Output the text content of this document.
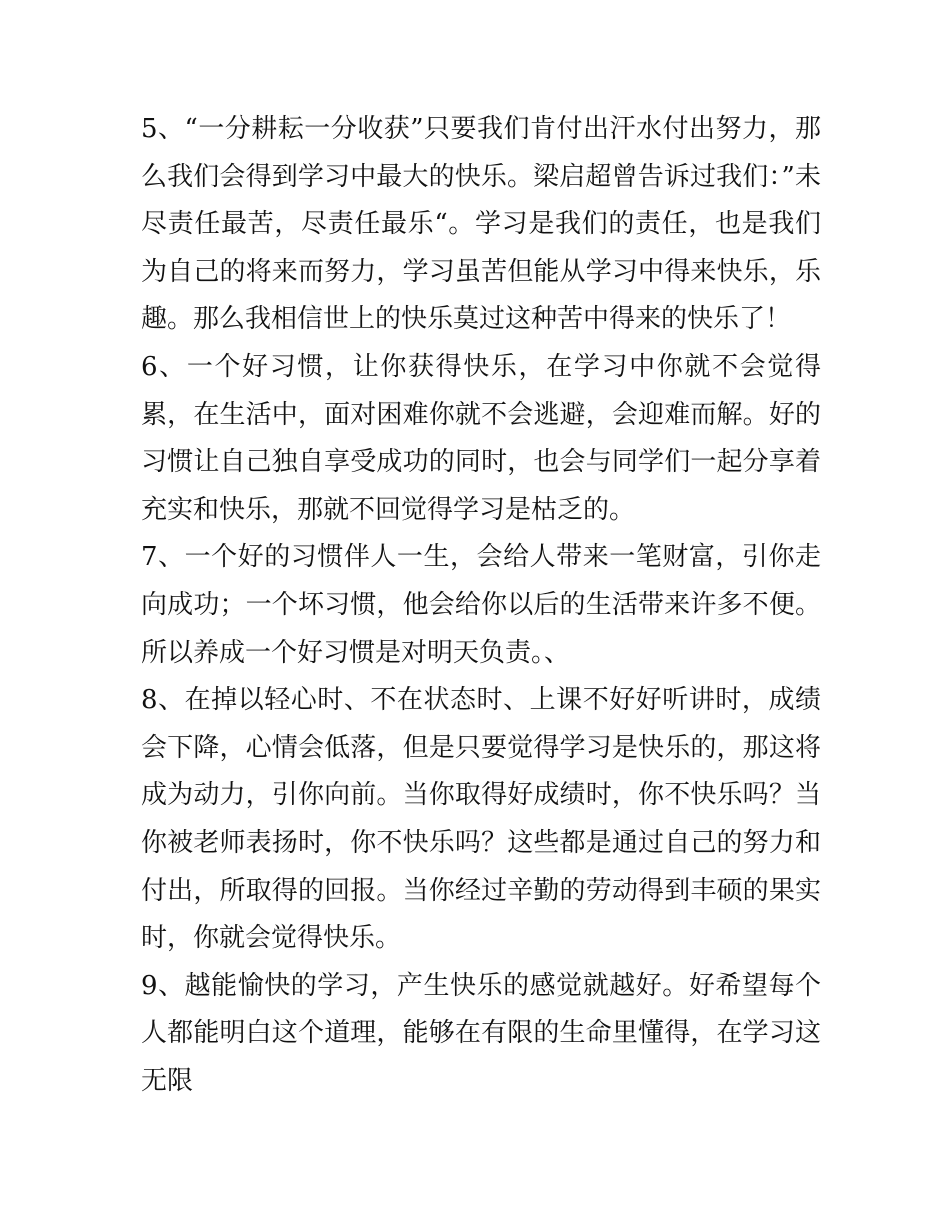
5、“一分耕耘一分收获”只要我们肯付出汗水付出努力，那么我们会得到学习中最大的快乐。梁启超曾告诉过我们：”未尽责任最苦，尽责任最乐“。学习是我们的责任，也是我们为自己的将来而努力，学习虽苦但能从学习中得来快乐，乐趣。那么我相信世上的快乐莫过这种苦中得来的快乐了！

6、一个好习惯，让你获得快乐，在学习中你就不会觉得累，在生活中，面对困难你就不会逃避，会迎难而解。好的习惯让自己独自享受成功的同时，也会与同学们一起分享着充实和快乐，那就不回觉得学习是枯乏的。

7、一个好的习惯伴人一生，会给人带来一笔财富，引你走向成功；一个坏习惯，他会给你以后的生活带来许多不便。所以养成一个好习惯是对明天负责。、

8、在掉以轻心时、不在状态时、上课不好好听讲时，成绩会下降，心情会低落，但是只要觉得学习是快乐的，那这将成为动力，引你向前。当你取得好成绩时，你不快乐吗？当你被老师表扬时，你不快乐吗？这些都是通过自己的努力和付出，所取得的回报。当你经过辛勤的劳动得到丰硕的果实时，你就会觉得快乐。

9、越能愉快的学习，产生快乐的感觉就越好。好希望每个人都能明白这个道理，能够在有限的生命里懂得，在学习这无限
